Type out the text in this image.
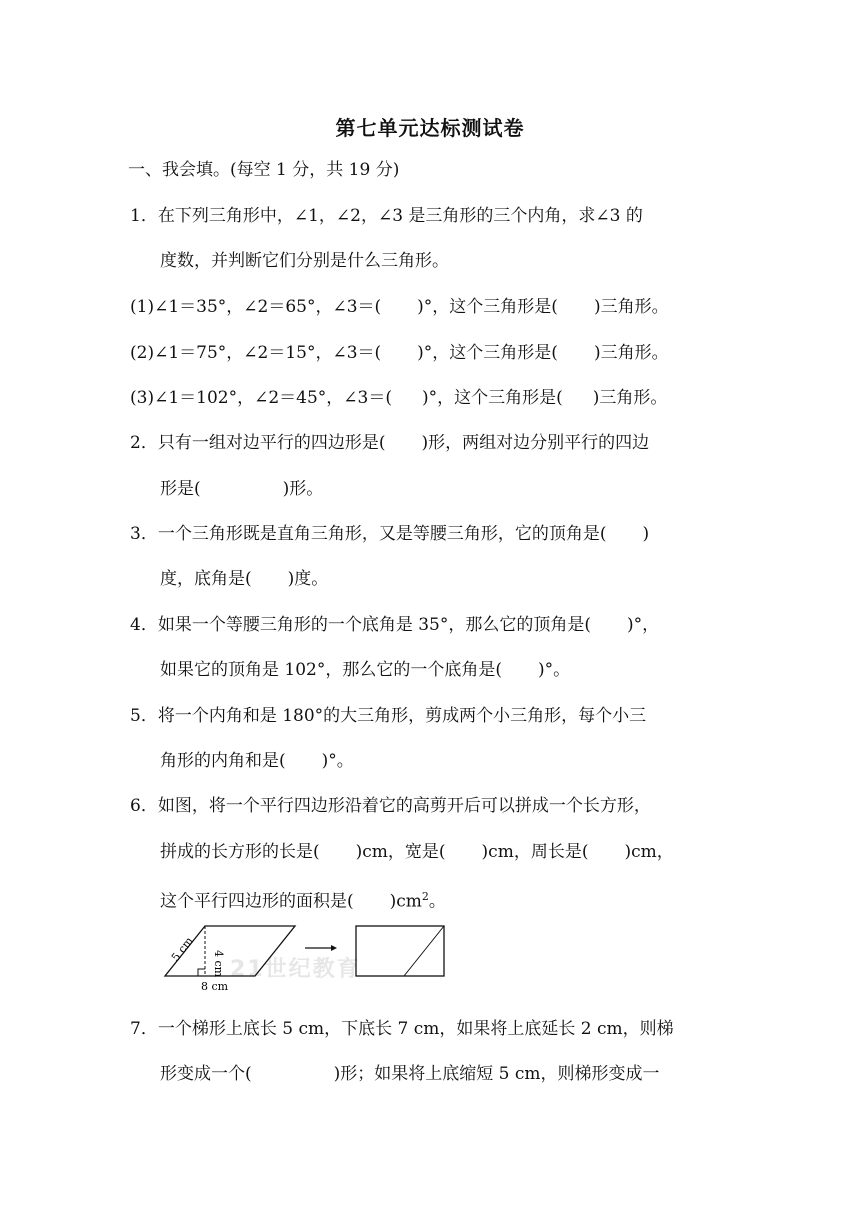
第七单元达标测试卷
一、我会填。(每空 1 分，共 19 分)
1．在下列三角形中，∠1，∠2，∠3 是三角形的三个内角，求∠3 的
度数，并判断它们分别是什么三角形。
(1)∠1＝35°，∠2＝65°，∠3＝( )°，这个三角形是( )三角形。
(2)∠1＝75°，∠2＝15°，∠3＝( )°，这个三角形是( )三角形。
(3)∠1＝102°，∠2＝45°，∠3＝( )°，这个三角形是( )三角形。
2．只有一组对边平行的四边形是( )形，两组对边分别平行的四边
形是(	)形。
3．一个三角形既是直角三角形，又是等腰三角形，它的顶角是( )
度，底角是( )度。
4．如果一个等腰三角形的一个底角是 35°，那么它的顶角是( )°，
如果它的顶角是 102°，那么它的一个底角是( )°。
5．将一个内角和是 180°的大三角形，剪成两个小三角形，每个小三
角形的内角和是( )°。
6．如图，将一个平行四边形沿着它的高剪开后可以拼成一个长方形，
拼成的长方形的长是( )cm，宽是( )cm，周长是( )cm，
这个平行四边形的面积是( )$cm^2$。
21世纪教育
5 cm 4 cm
8 cm
7．一个梯形上底长 5 cm，下底长 7 cm，如果将上底延长 2 cm，则梯
形变成一个(	)形；如果将上底缩短 5 cm，则梯形变成一
